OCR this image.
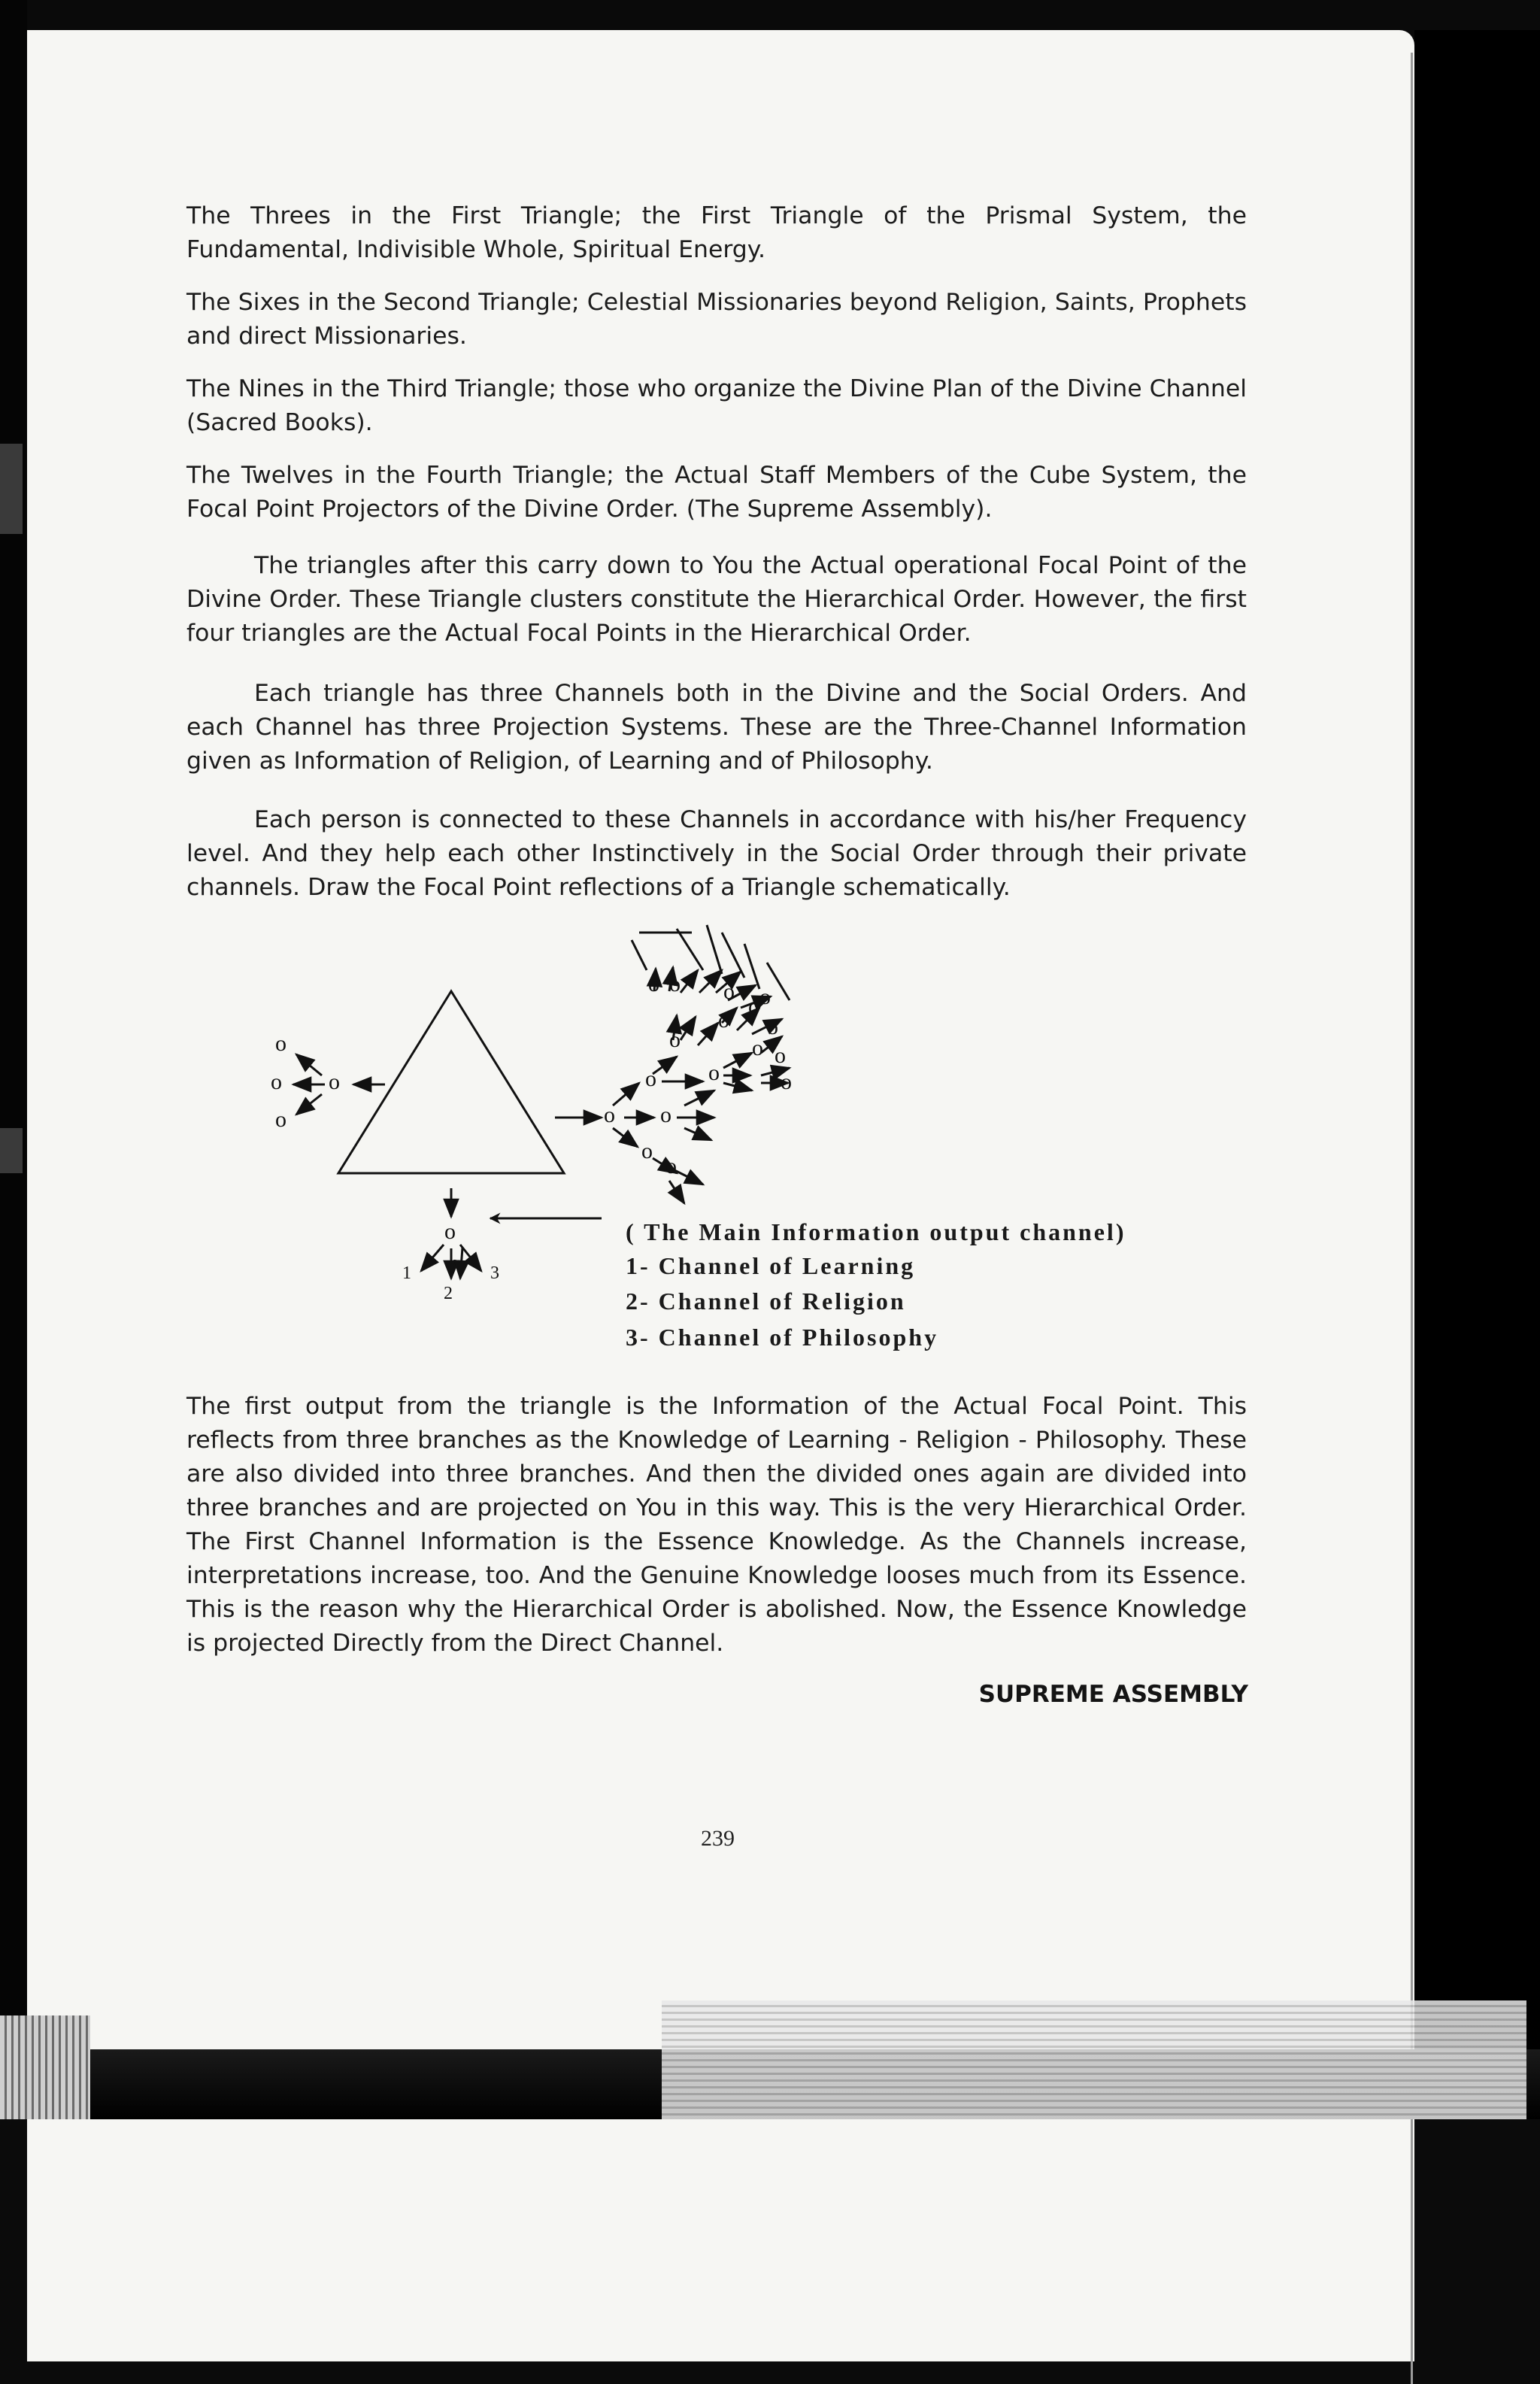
The Threes in the First Triangle; the First Triangle of the Prismal System, the Fundamental, Indivisible Whole, Spiritual Energy.

The Sixes in the Second Triangle; Celestial Missionaries beyond Religion, Saints, Prophets and direct Missionaries.

The Nines in the Third Triangle; those who organize the Divine Plan of the Divine Channel (Sacred Books).

The Twelves in the Fourth Triangle; the Actual Staff Members of the Cube System, the Focal Point Projectors of the Divine Order. (The Supreme Assembly).

The triangles after this carry down to You the Actual operational Focal Point of the Divine Order. These Triangle clusters constitute the Hierarchical Order. However, the first four triangles are the Actual Focal Points in the Hierarchical Order.

Each triangle has three Channels both in the Divine and the Social Orders. And each Channel has three Projection Systems. These are the Three-Channel Information given as Information of Religion, of Learning and of Philosophy.

Each person is connected to these Channels in accordance with his/her Frequency level. And they help each other Instinctively in the Social Order through their private channels. Draw the Focal Point reflections of a Triangle schematically.

o o
o
o
o
1
2
3
o o
o
o
o
o
o
o
o
o
o
o
o o o o
o
( The Main Information output channel)
1- Channel of Learning
2- Channel of Religion
3- Channel of Philosophy

The first output from the triangle is the Information of the Actual Focal Point. This reflects from three branches as the Knowledge of Learning - Religion - Philosophy. These are also divided into three branches. And then the divided ones again are divided into three branches and are projected on You in this way. This is the very Hierarchical Order. The First Channel Information is the Essence Knowledge. As the Channels increase, interpretations increase, too. And the Genuine Knowledge looses much from its Essence. This is the reason why the Hierarchical Order is abolished. Now, the Essence Knowledge is projected Directly from the Direct Channel.

SUPREME ASSEMBLY
239
